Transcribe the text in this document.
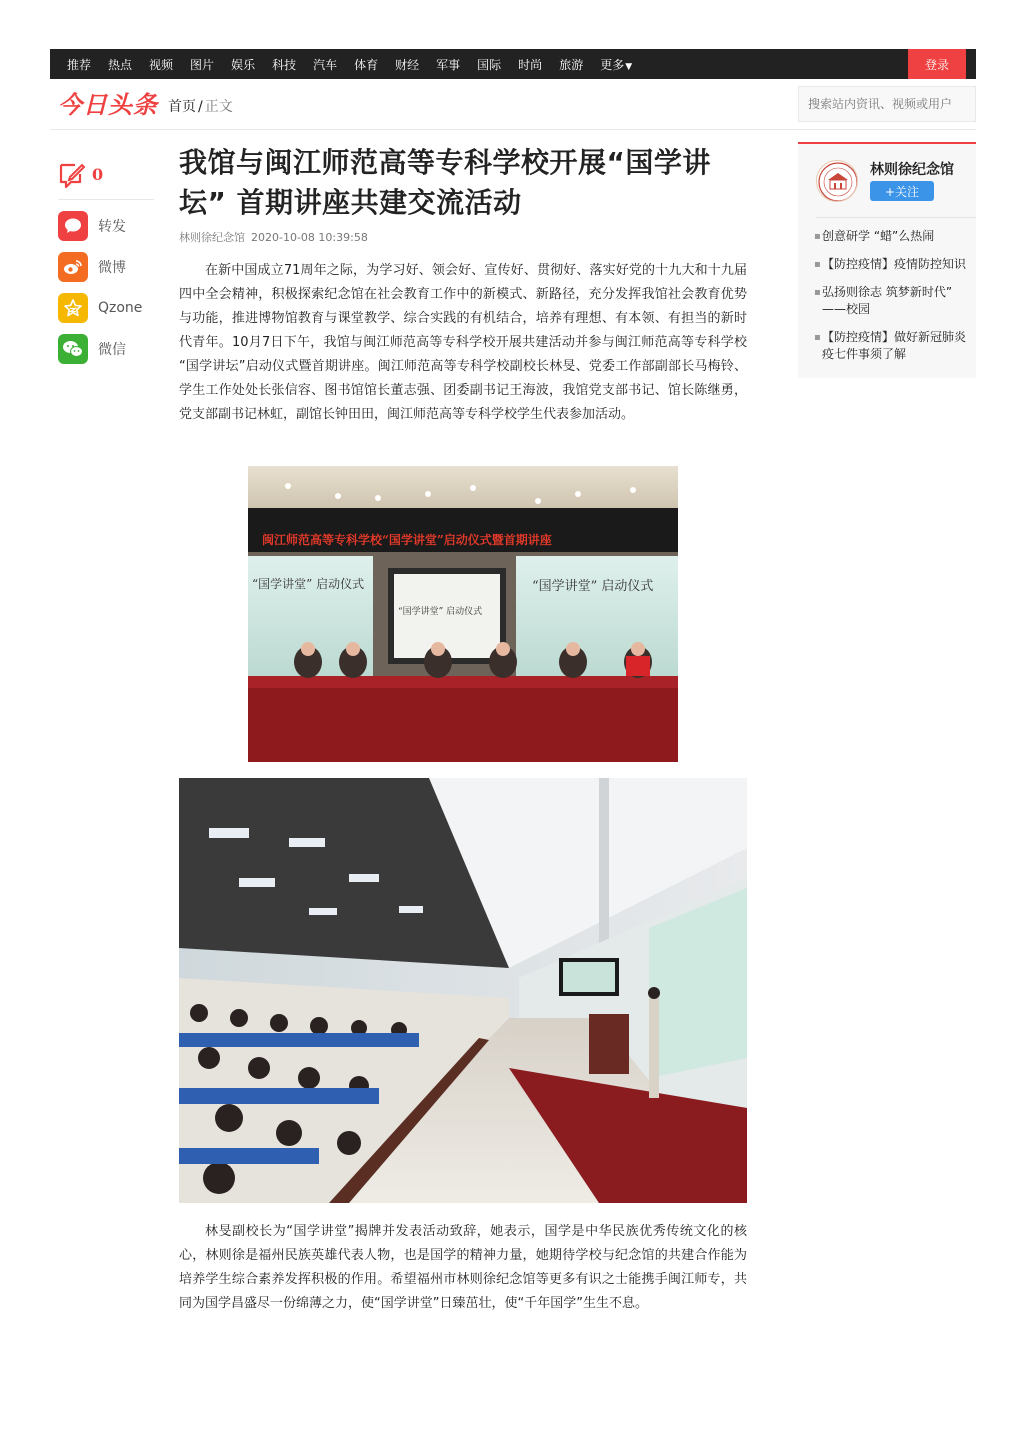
推荐 热点 视频 图片 娱乐 科技 汽车 体育 财经 军事 国际 时尚 旅游 更多▼	登录
今日头条 首页 / 正文
搜索站内资讯、视频或用户
0
转发
微博
Qzone
微信
我馆与闽江师范高等专科学校开展“国学讲坛” 首期讲座共建交流活动
林则徐纪念馆 2020-10-08 10:39:58

在新中国成立71周年之际，为学习好、领会好、宣传好、贯彻好、落实好党的十九大和十九届四中全会精神，积极探索纪念馆在社会教育工作中的新模式、新路径，充分发挥我馆社会教育优势与功能，推进博物馆教育与课堂教学、综合实践的有机结合，培养有理想、有本领、有担当的新时代青年。10月7日下午，我馆与闽江师范高等专科学校开展共建活动并参与闽江师范高等专科学校 “国学讲坛”启动仪式暨首期讲座。闽江师范高等专科学校副校长林旻、党委工作部副部长马梅铃、学生工作处处长张信容、图书馆馆长董志强、团委副书记王海波，我馆党支部书记、馆长陈继勇，党支部副书记林虹，副馆长钟田田，闽江师范高等专科学校学生代表参加活动。

闽江师范高等专科学校“国学讲堂”启动仪式暨首期讲座
“国学讲堂” 启动仪式	“国学讲堂” 启动仪式
“国学讲堂” 启动仪式

林旻副校长为“国学讲堂”揭牌并发表活动致辞，她表示，国学是中华民族优秀传统文化的核心，林则徐是福州民族英雄代表人物，也是国学的精神力量，她期待学校与纪念馆的共建合作能为培养学生综合素养发挥积极的作用。希望福州市林则徐纪念馆等更多有识之士能携手闽江师专，共同为国学昌盛尽一份绵薄之力，使“国学讲堂”日臻茁壮，使“千年国学”生生不息。

林则徐纪念馆
+关注
▪ 创意研学 “蜡”么热闹
▪ 【防控疫情】疫情防控知识
▪ 弘扬则徐志 筑梦新时代” ——校园
▪ 【防控疫情】做好新冠肺炎疫七件事须了解
